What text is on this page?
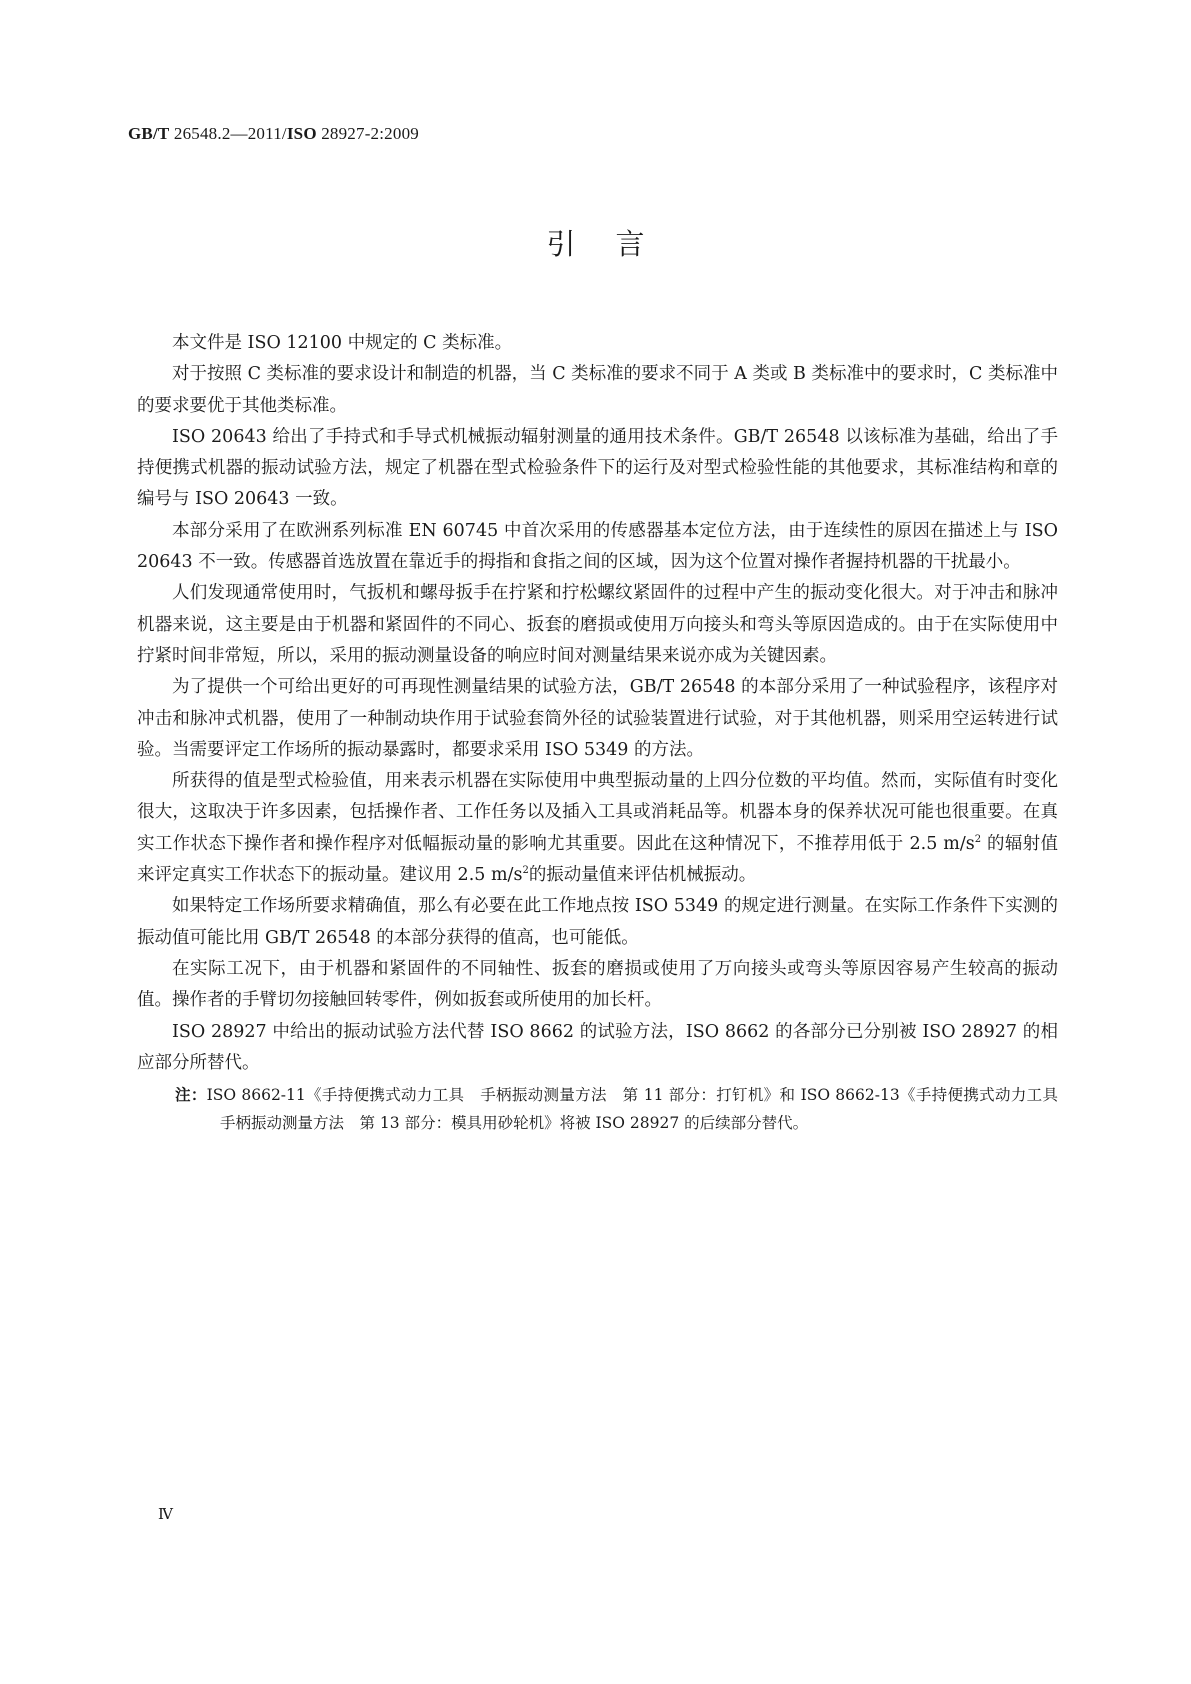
GB/T 26548.2—2011/ISO 28927-2:2009
引言

本文件是 ISO 12100 中规定的 C 类标准。

对于按照 C 类标准的要求设计和制造的机器，当 C 类标准的要求不同于 A 类或 B 类标准中的要求时，C 类标准中的要求要优于其他类标准。

ISO 20643 给出了手持式和手导式机械振动辐射测量的通用技术条件。GB/T 26548 以该标准为基础，给出了手持便携式机器的振动试验方法，规定了机器在型式检验条件下的运行及对型式检验性能的其他要求，其标准结构和章的编号与 ISO 20643 一致。

本部分采用了在欧洲系列标准 EN 60745 中首次采用的传感器基本定位方法，由于连续性的原因在描述上与 ISO 20643 不一致。传感器首选放置在靠近手的拇指和食指之间的区域，因为这个位置对操作者握持机器的干扰最小。

人们发现通常使用时，气扳机和螺母扳手在拧紧和拧松螺纹紧固件的过程中产生的振动变化很大。对于冲击和脉冲机器来说，这主要是由于机器和紧固件的不同心、扳套的磨损或使用万向接头和弯头等原因造成的。由于在实际使用中拧紧时间非常短，所以，采用的振动测量设备的响应时间对测量结果来说亦成为关键因素。

为了提供一个可给出更好的可再现性测量结果的试验方法，GB/T 26548 的本部分采用了一种试验程序，该程序对冲击和脉冲式机器，使用了一种制动块作用于试验套筒外径的试验装置进行试验，对于其他机器，则采用空运转进行试验。当需要评定工作场所的振动暴露时，都要求采用 ISO 5349 的方法。

所获得的值是型式检验值，用来表示机器在实际使用中典型振动量的上四分位数的平均值。然而，实际值有时变化很大，这取决于许多因素，包括操作者、工作任务以及插入工具或消耗品等。机器本身的保养状况可能也很重要。在真实工作状态下操作者和操作程序对低幅振动量的影响尤其重要。因此在这种情况下，不推荐用低于 2.5 $m/s^2$ 的辐射值来评定真实工作状态下的振动量。建议用 2.5 $m/s^2$的振动量值来评估机械振动。

如果特定工作场所要求精确值，那么有必要在此工作地点按 ISO 5349 的规定进行测量。在实际工作条件下实测的振动值可能比用 GB/T 26548 的本部分获得的值高，也可能低。

在实际工况下，由于机器和紧固件的不同轴性、扳套的磨损或使用了万向接头或弯头等原因容易产生较高的振动值。操作者的手臂切勿接触回转零件，例如扳套或所使用的加长杆。

ISO 28927 中给出的振动试验方法代替 ISO 8662 的试验方法，ISO 8662 的各部分已分别被 ISO 28927 的相应部分所替代。

注：ISO 8662-11《手持便携式动力工具　手柄振动测量方法　第 11 部分：打钉机》和 ISO 8662-13《手持便携式动力工具　手柄振动测量方法　第 13 部分：模具用砂轮机》将被 ISO 28927 的后续部分替代。
Ⅳ
